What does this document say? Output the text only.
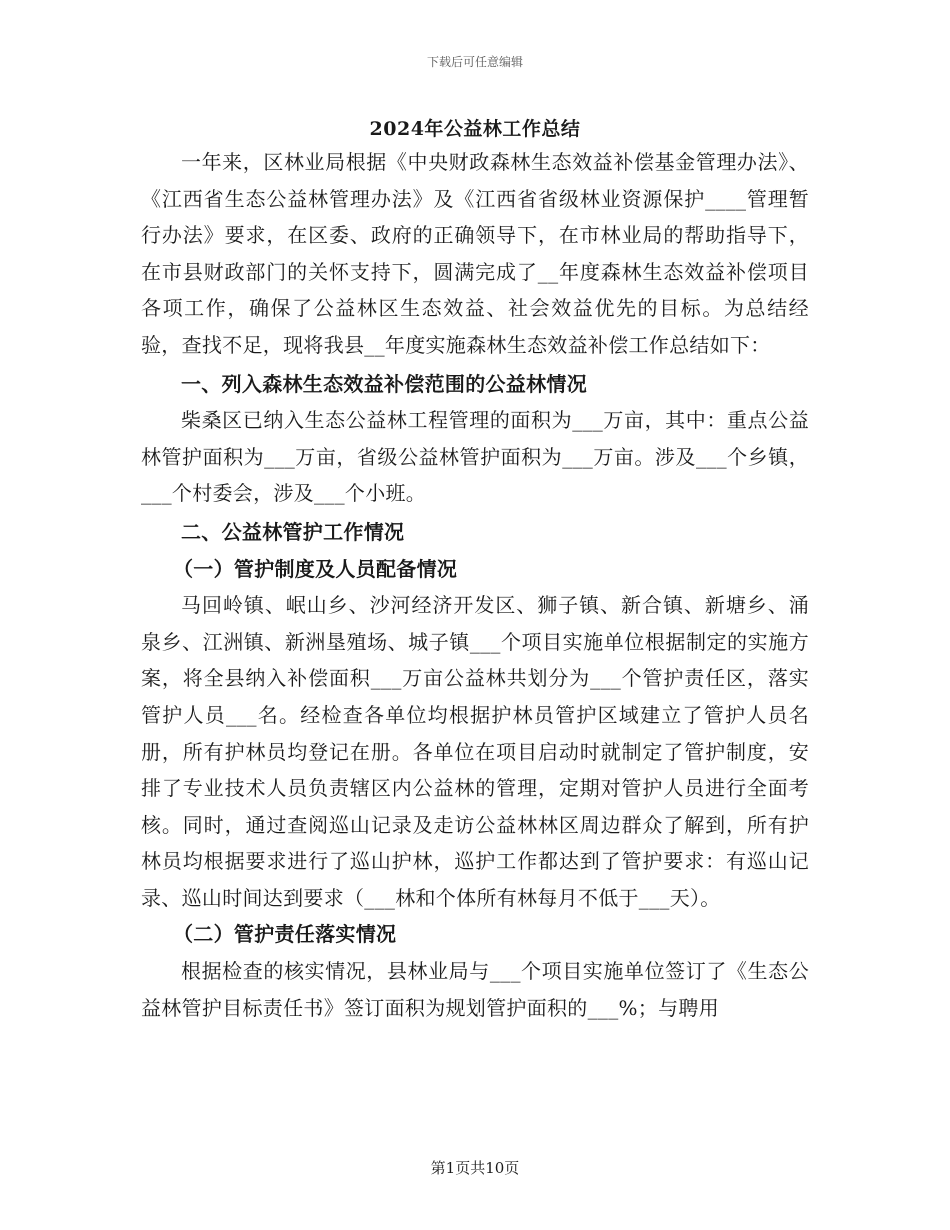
下载后可任意编辑
2024年公益林工作总结

一年来，区林业局根据《中央财政森林生态效益补偿基金管理办法》、《江西省生态公益林管理办法》及《江西省省级林业资源保护____管理暂行办法》要求，在区委、政府的正确领导下，在市林业局的帮助指导下，在市县财政部门的关怀支持下，圆满完成了__年度森林生态效益补偿项目各项工作，确保了公益林区生态效益、社会效益优先的目标。为总结经验，查找不足，现将我县__年度实施森林生态效益补偿工作总结如下：

一、列入森林生态效益补偿范围的公益林情况

柴桑区已纳入生态公益林工程管理的面积为___万亩，其中：重点公益林管护面积为___万亩，省级公益林管护面积为___万亩。涉及___个乡镇，___个村委会，涉及___个小班。

二、公益林管护工作情况

（一）管护制度及人员配备情况

马回岭镇、岷山乡、沙河经济开发区、狮子镇、新合镇、新塘乡、涌泉乡、江洲镇、新洲垦殖场、城子镇___个项目实施单位根据制定的实施方案，将全县纳入补偿面积___万亩公益林共划分为___个管护责任区，落实管护人员___名。经检查各单位均根据护林员管护区域建立了管护人员名册，所有护林员均登记在册。各单位在项目启动时就制定了管护制度，安排了专业技术人员负责辖区内公益林的管理，定期对管护人员进行全面考核。同时，通过查阅巡山记录及走访公益林林区周边群众了解到，所有护林员均根据要求进行了巡山护林，巡护工作都达到了管护要求：有巡山记录、巡山时间达到要求（___林和个体所有林每月不低于___天）。

（二）管护责任落实情况

根据检查的核实情况，县林业局与___个项目实施单位签订了《生态公益林管护目标责任书》签订面积为规划管护面积的___%；与聘用

第1页共10页
